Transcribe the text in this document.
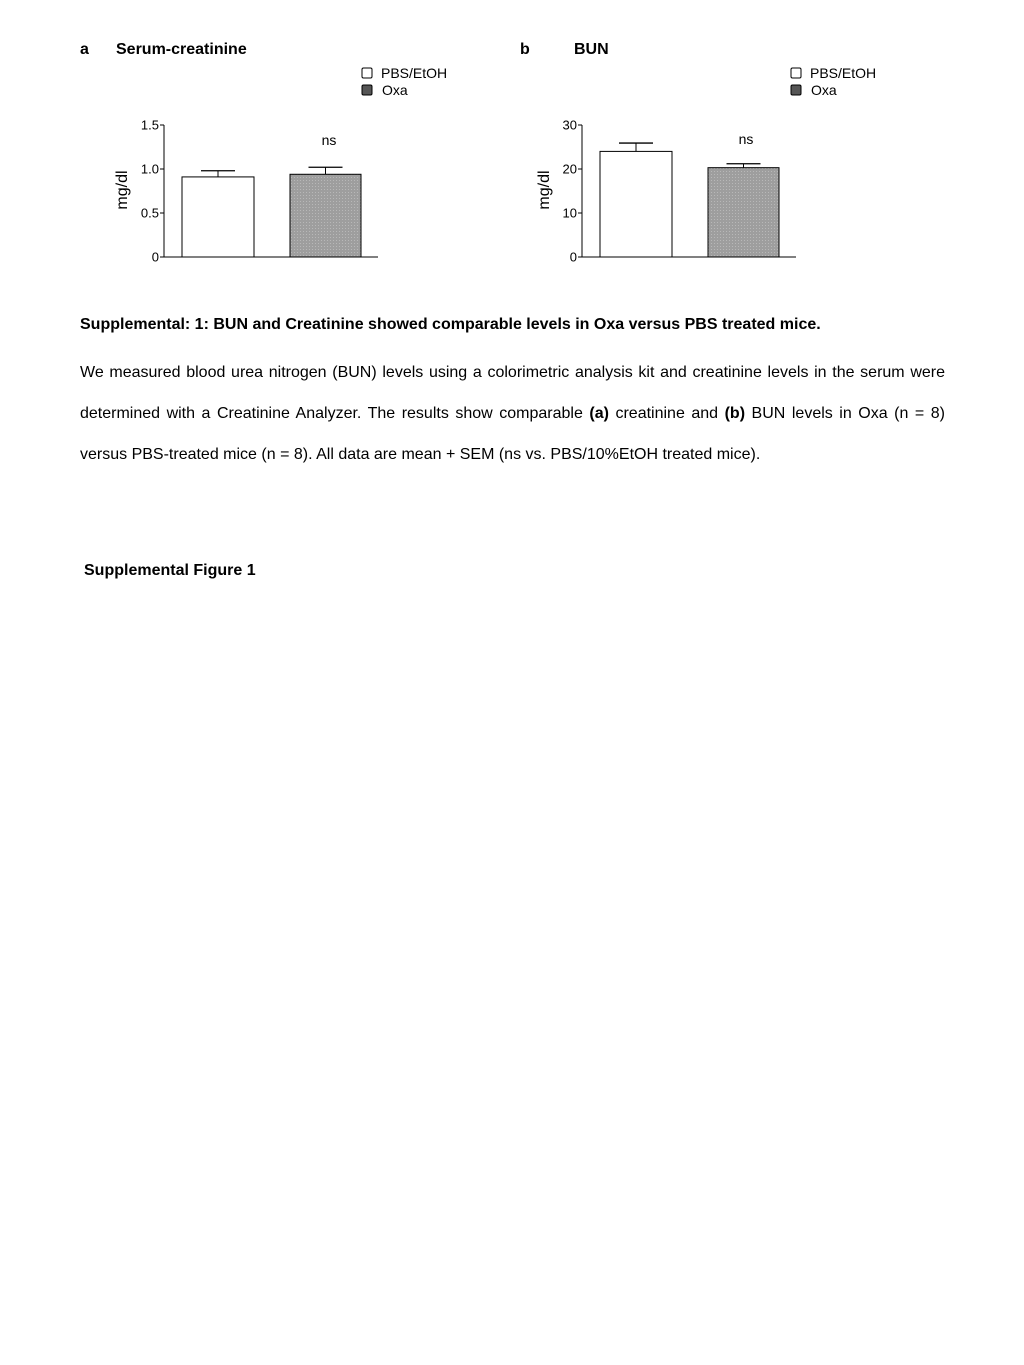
a Serum-creatinine	b	BUN
0
0.5
1.0
1.5
mg/dl
ns
PBS/EtOH
Oxa
0
10
20
30
mg/dl
ns
PBS/EtOH
Oxa
Supplemental: 1: BUN and Creatinine showed comparable levels in Oxa versus PBS treated mice.
We measured blood urea nitrogen (BUN) levels using a colorimetric analysis kit and creatinine levels in the serum were determined with a Creatinine Analyzer. The results show comparable (a) creatinine and (b) BUN levels in Oxa (n = 8) versus PBS-treated mice (n = 8). All data are mean + SEM (ns vs. PBS/10%EtOH treated mice).
Supplemental Figure 1
